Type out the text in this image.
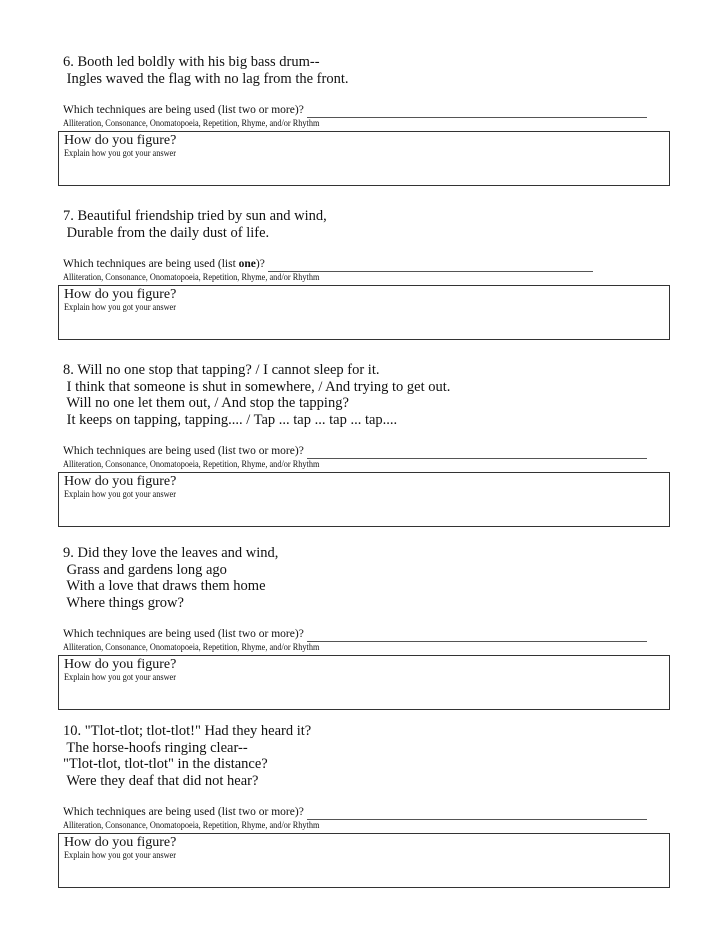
6. Booth led boldly with his big bass drum--
Ingles waved the flag with no lag from the front.
Which techniques are being used (list two or more )?
Alliteration, Consonance, Onomatopoeia, Repetition, Rhyme, and/or Rhythm
How do you figure?
Explain how you got your answer
7. Beautiful friendship tried by sun and wind,
Durable from the daily dust of life.
Which techniques are being used (list one )?
Alliteration, Consonance, Onomatopoeia, Repetition, Rhyme, and/or Rhythm
How do you figure?
Explain how you got your answer
8. Will no one stop that tapping? / I cannot sleep for it.
I think that someone is shut in somewhere, / And trying to get out.
Will no one let them out, / And stop the tapping?
It keeps on tapping, tapping.... / Tap ... tap ... tap ... tap....
Which techniques are being used (list two or more )?
Alliteration, Consonance, Onomatopoeia, Repetition, Rhyme, and/or Rhythm
How do you figure?
Explain how you got your answer
9. Did they love the leaves and wind,
Grass and gardens long ago
With a love that draws them home
Where things grow?
Which techniques are being used (list two or more )?
Alliteration, Consonance, Onomatopoeia, Repetition, Rhyme, and/or Rhythm
How do you figure?
Explain how you got your answer
10. "Tlot-tlot; tlot-tlot!" Had they heard it?
The horse-hoofs ringing clear--
"Tlot-tlot, tlot-tlot" in the distance?
Were they deaf that did not hear?
Which techniques are being used (list two or more )?
Alliteration, Consonance, Onomatopoeia, Repetition, Rhyme, and/or Rhythm
How do you figure?
Explain how you got your answer
